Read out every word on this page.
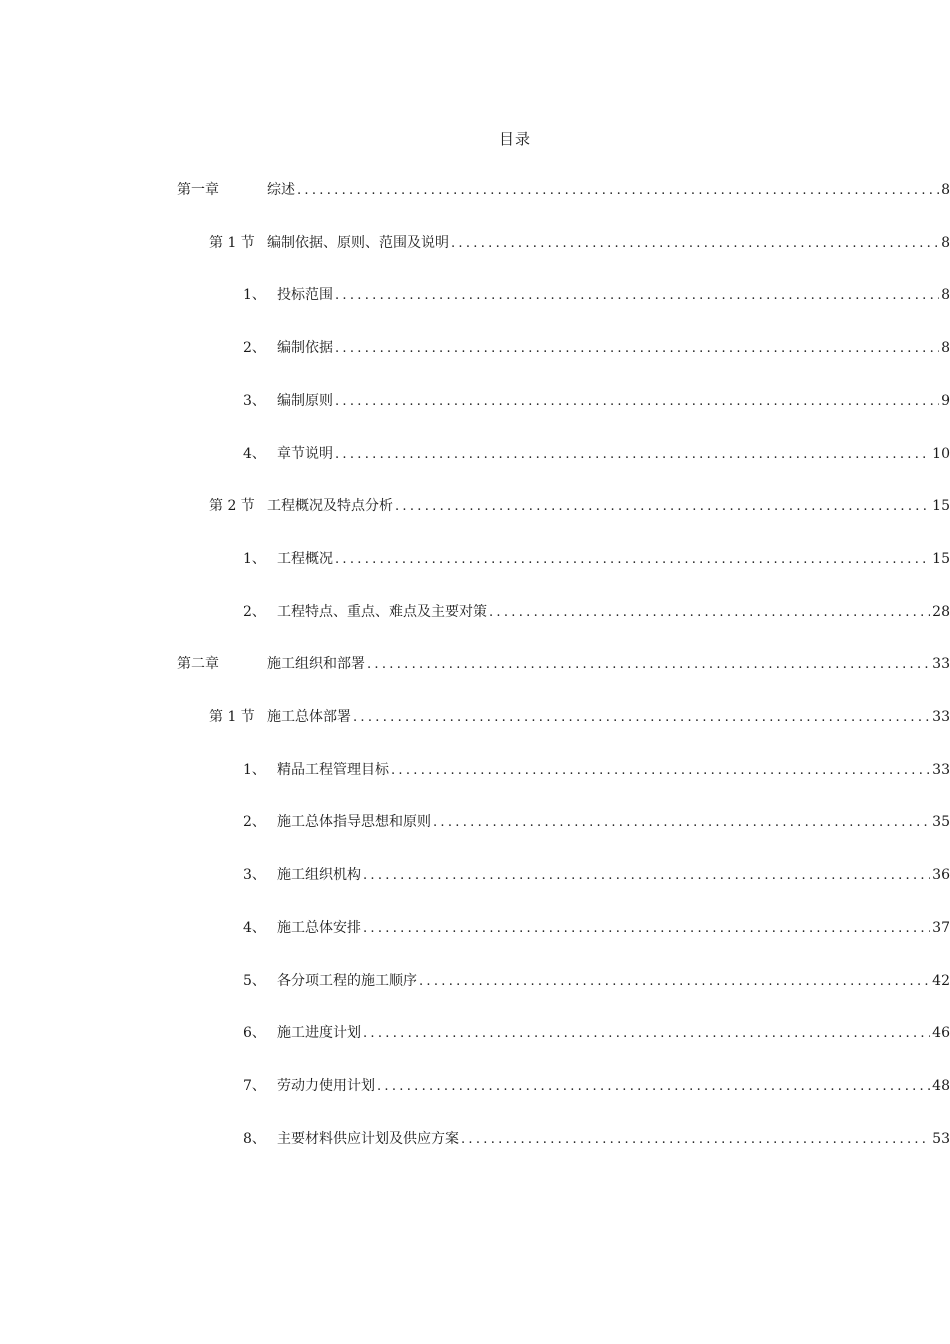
目录
第一章	综述 .....	8
第 1 节 编制依据、原则、范围及说明 .....	8
1、 投标范围 .....	8
2、 编制依据 .....	8
3、 编制原则 .....	9
4、 章节说明 .....	10
第 2 节 工程概况及特点分析 .....	15
1、 工程概况 .....	15
2、 工程特点、重点、难点及主要对策 .....	28
第二章	施工组织和部署 .....	33
第 1 节 施工总体部署 .....	33
1、 精品工程管理目标 .....	33
2、 施工总体指导思想和原则 .....	35
3、 施工组织机构 .....	36
4、 施工总体安排 .....	37
5、 各分项工程的施工顺序 .....	42
6、 施工进度计划 .....	46
7、 劳动力使用计划 .....	48
8、 主要材料供应计划及供应方案 .....	53
